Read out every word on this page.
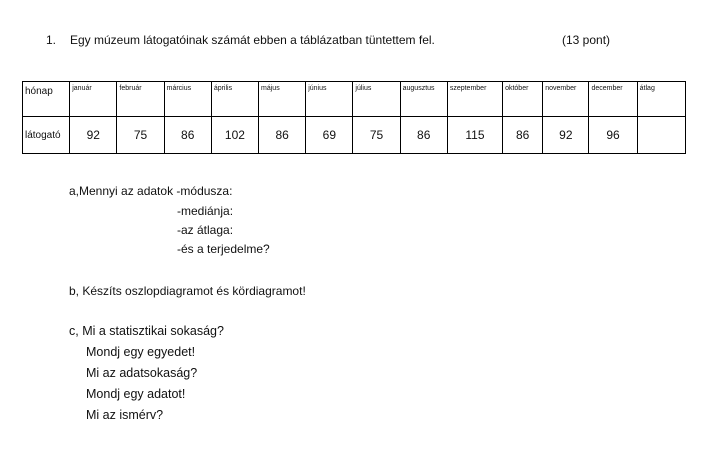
1. Egy múzeum látogatóinak számát ebben a táblázatban tüntettem fel.	(13 pont)
hónap	január	február	március	április	május	június	július	augusztus	szeptember	október	november	december	átlag
látogató	92	75	86	102	86	69	75	86	115	86	92	96	
a,Mennyi az adatok -módusza:
-mediánja:
-az átlaga:
-és a terjedelme?
b, Készíts oszlopdiagramot és kördiagramot!
c, Mi a statisztikai sokaság?
Mondj egy egyedet!
Mi az adatsokaság?
Mondj egy adatot!
Mi az ismérv?
